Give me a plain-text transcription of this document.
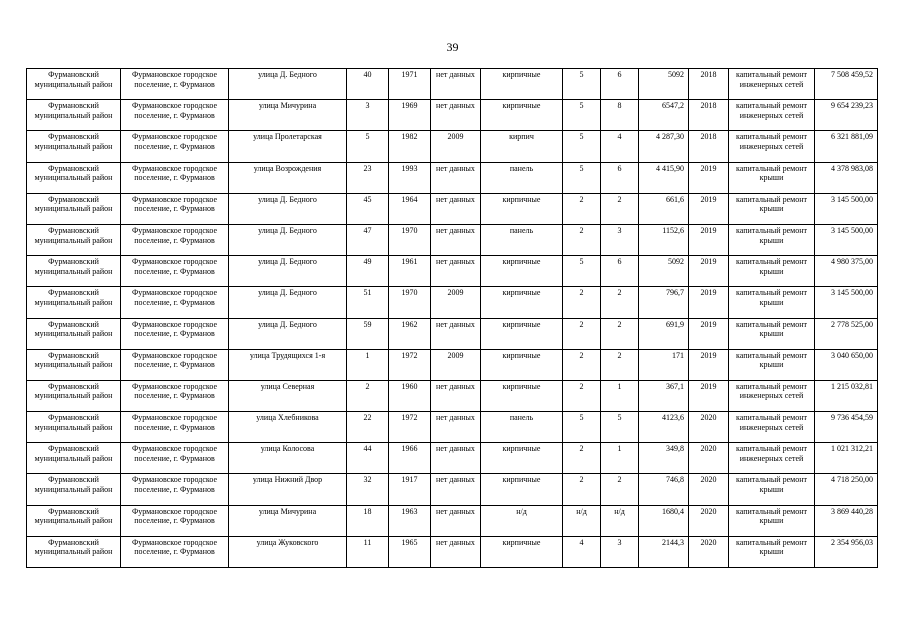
39
Фурмановский муниципальный район	Фурмановское городское поселение, г. Фурманов	улица Д. Бедного	40	1971	нет данных	кирпичные	5	6	5092	2018	капитальный ремонт инженерных сетей	7 508 459,52
Фурмановский муниципальный район	Фурмановское городское поселение, г. Фурманов	улица Мичурина	3	1969	нет данных	кирпичные	5	8	6547,2	2018	капитальный ремонт инженерных сетей	9 654 239,23
Фурмановский муниципальный район	Фурмановское городское поселение, г. Фурманов	улица Пролетарская	5	1982	2009	кирпич	5	4	4 287,30	2018	капитальный ремонт инженерных сетей	6 321 881,09
Фурмановский муниципальный район	Фурмановское городское поселение, г. Фурманов	улица Возрождения	23	1993	нет данных	панель	5	6	4 415,90	2019	капитальный ремонт крыши	4 378 983,08
Фурмановский муниципальный район	Фурмановское городское поселение, г. Фурманов	улица Д. Бедного	45	1964	нет данных	кирпичные	2	2	661,6	2019	капитальный ремонт крыши	3 145 500,00
Фурмановский муниципальный район	Фурмановское городское поселение, г. Фурманов	улица Д. Бедного	47	1970	нет данных	панель	2	3	1152,6	2019	капитальный ремонт крыши	3 145 500,00
Фурмановский муниципальный район	Фурмановское городское поселение, г. Фурманов	улица Д. Бедного	49	1961	нет данных	кирпичные	5	6	5092	2019	капитальный ремонт крыши	4 980 375,00
Фурмановский муниципальный район	Фурмановское городское поселение, г. Фурманов	улица Д. Бедного	51	1970	2009	кирпичные	2	2	796,7	2019	капитальный ремонт крыши	3 145 500,00
Фурмановский муниципальный район	Фурмановское городское поселение, г. Фурманов	улица Д. Бедного	59	1962	нет данных	кирпичные	2	2	691,9	2019	капитальный ремонт крыши	2 778 525,00
Фурмановский муниципальный район	Фурмановское городское поселение, г. Фурманов	улица Трудящихся 1-я	1	1972	2009	кирпичные	2	2	171	2019	капитальный ремонт крыши	3 040 650,00
Фурмановский муниципальный район	Фурмановское городское поселение, г. Фурманов	улица Северная	2	1960	нет данных	кирпичные	2	1	367,1	2019	капитальный ремонт инженерных сетей	1 215 032,81
Фурмановский муниципальный район	Фурмановское городское поселение, г. Фурманов	улица Хлебникова	22	1972	нет данных	панель	5	5	4123,6	2020	капитальный ремонт инженерных сетей	9 736 454,59
Фурмановский муниципальный район	Фурмановское городское поселение, г. Фурманов	улица Колосова	44	1966	нет данных	кирпичные	2	1	349,8	2020	капитальный ремонт инженерных сетей	1 021 312,21
Фурмановский муниципальный район	Фурмановское городское поселение, г. Фурманов	улица Нижний Двор	32	1917	нет данных	кирпичные	2	2	746,8	2020	капитальный ремонт крыши	4 718 250,00
Фурмановский муниципальный район	Фурмановское городское поселение, г. Фурманов	улица Мичурина	18	1963	нет данных	н/д	н/д	н/д	1680,4	2020	капитальный ремонт крыши	3 869 440,28
Фурмановский муниципальный район	Фурмановское городское поселение, г. Фурманов	улица Жуковского	11	1965	нет данных	кирпичные	4	3	2144,3	2020	капитальный ремонт крыши	2 354 956,03
